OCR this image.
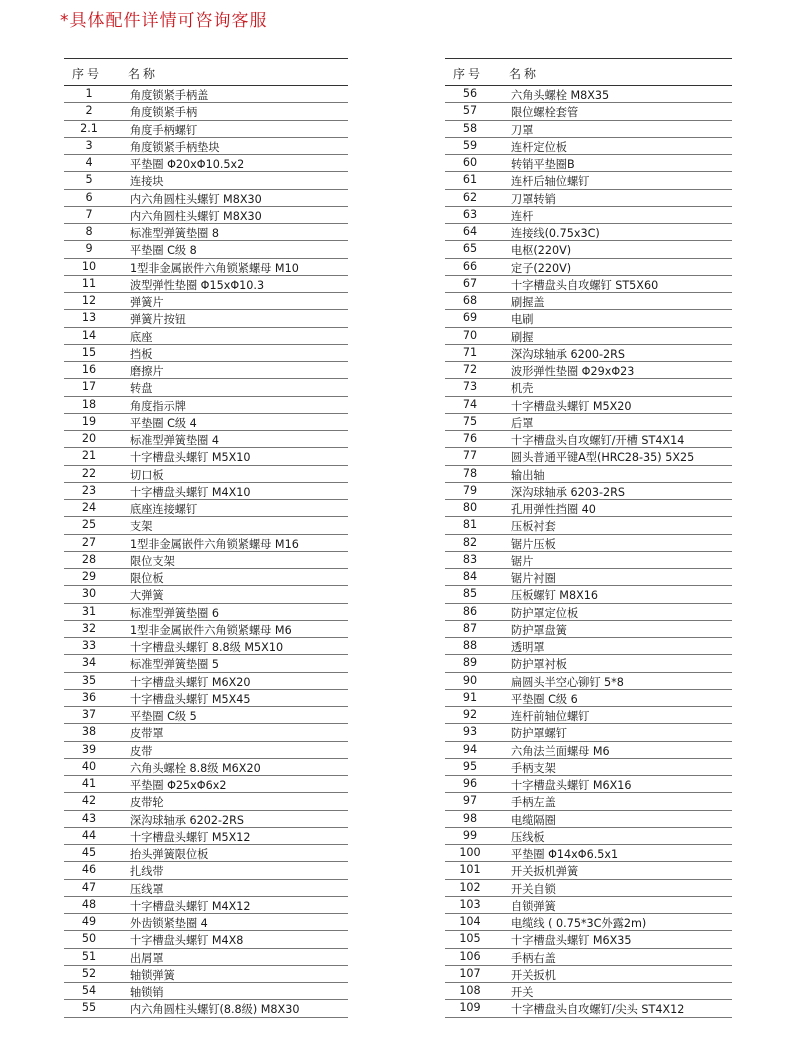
*具体配件详情可咨询客服
序号 名称
1	角度锁紧手柄盖
2	角度锁紧手柄
2.1	角度手柄螺钉
3	角度锁紧手柄垫块
4	平垫圈 Φ20xΦ10.5x2
5	连接块
6	内六角圆柱头螺钉 M8X30
7	内六角圆柱头螺钉 M8X30
8	标准型弹簧垫圈 8
9	平垫圈 C级 8
10	1型非金属嵌件六角锁紧螺母 M10
11	波型弹性垫圈 Φ15xΦ10.3
12	弹簧片
13	弹簧片按钮
14	底座
15	挡板
16	磨擦片
17	转盘
18	角度指示牌
19	平垫圈 C级 4
20	标准型弹簧垫圈 4
21	十字槽盘头螺钉 M5X10
22	切口板
23	十字槽盘头螺钉 M4X10
24	底座连接螺钉
25	支架
27	1型非金属嵌件六角锁紧螺母 M16
28	限位支架
29	限位板
30	大弹簧
31	标准型弹簧垫圈 6
32	1型非金属嵌件六角锁紧螺母 M6
33	十字槽盘头螺钉 8.8级 M5X10
34	标准型弹簧垫圈 5
35	十字槽盘头螺钉 M6X20
36	十字槽盘头螺钉 M5X45
37	平垫圈 C级 5
38	皮带罩
39	皮带
40	六角头螺栓 8.8级 M6X20
41	平垫圈 Φ25xΦ6x2
42	皮带轮
43	深沟球轴承 6202-2RS
44	十字槽盘头螺钉 M5X12
45	抬头弹簧限位板
46	扎线带
47	压线罩
48	十字槽盘头螺钉 M4X12
49	外齿锁紧垫圈 4
50	十字槽盘头螺钉 M4X8
51	出屑罩
52	轴锁弹簧
54	轴锁销
55	内六角圆柱头螺钉(8.8级) M8X30
序号 名称
56	六角头螺栓 M8X35
57	限位螺栓套管
58	刀罩
59	连杆定位板
60	转销平垫圈B
61	连杆后轴位螺钉
62	刀罩转销
63	连杆
64	连接线(0.75x3C)
65	电枢(220V)
66	定子(220V)
67	十字槽盘头自攻螺钉 ST5X60
68	刷握盖
69	电刷
70	刷握
71	深沟球轴承 6200-2RS
72	波形弹性垫圈 Φ29xΦ23
73	机壳
74	十字槽盘头螺钉 M5X20
75	后罩
76	十字槽盘头自攻螺钉/开槽 ST4X14
77	圆头普通平键A型(HRC28-35) 5X25
78	输出轴
79	深沟球轴承 6203-2RS
80	孔用弹性挡圈 40
81	压板衬套
82	锯片压板
83	锯片
84	锯片衬圈
85	压板螺钉 M8X16
86	防护罩定位板
87	防护罩盘簧
88	透明罩
89	防护罩衬板
90	扁圆头半空心铆钉 5*8
91	平垫圈 C级 6
92	连杆前轴位螺钉
93	防护罩螺钉
94	六角法兰面螺母 M6
95	手柄支架
96	十字槽盘头螺钉 M6X16
97	手柄左盖
98	电缆隔圈
99	压线板
100	平垫圈 Φ14xΦ6.5x1
101	开关扳机弹簧
102	开关自锁
103	自锁弹簧
104	电缆线 ( 0.75*3C外露2m)
105	十字槽盘头螺钉 M6X35
106	手柄右盖
107	开关扳机
108	开关
109	十字槽盘头自攻螺钉/尖头 ST4X12
